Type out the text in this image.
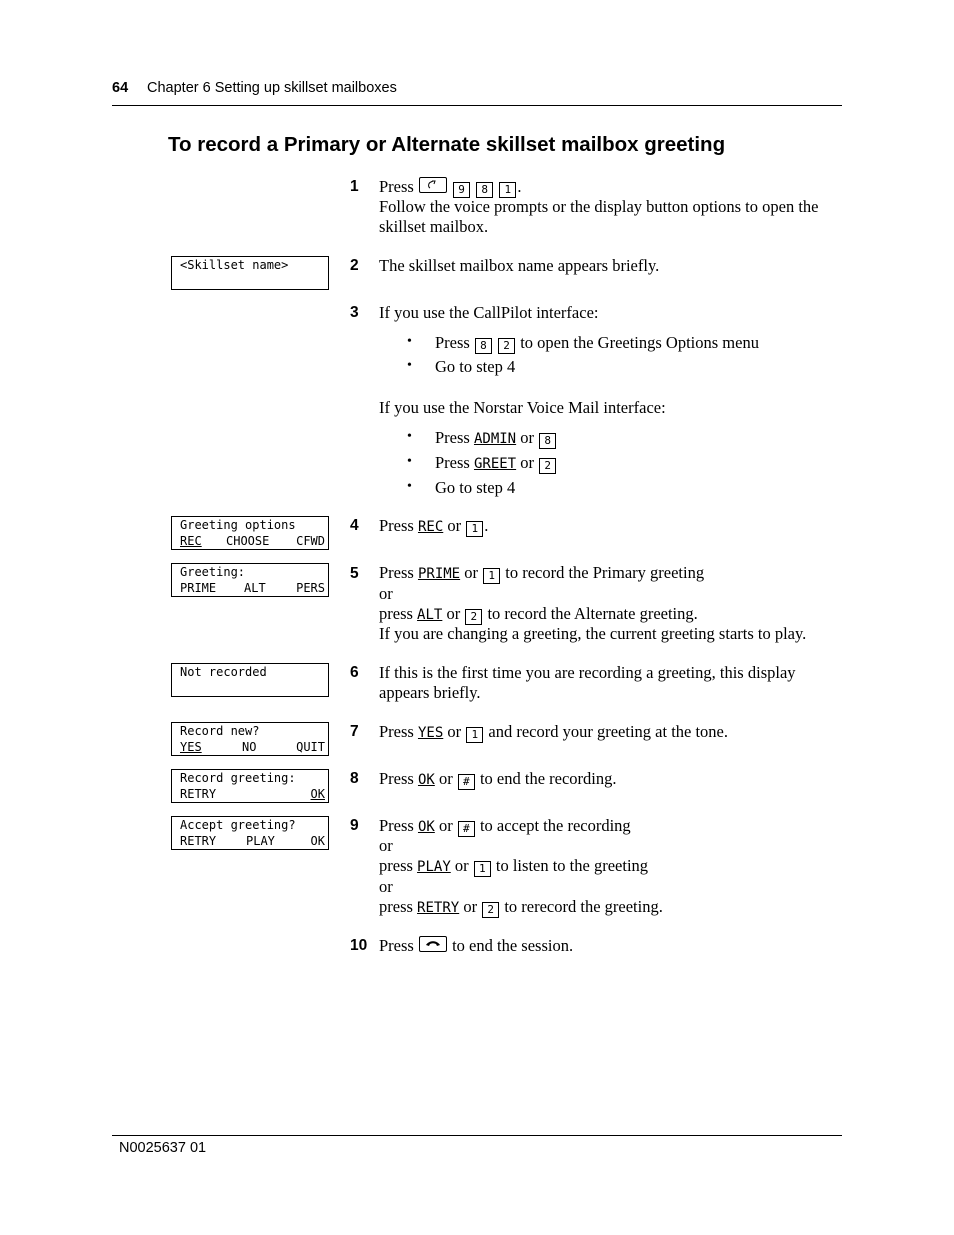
64 Chapter 6 Setting up skillset mailboxes
To record a Primary or Alternate skillset mailbox greeting
1 Press	9 8 1 .
Follow the voice prompts or the display button options to open the
skillset mailbox.
<Skillset name>	2 The skillset mailbox name appears briefly.
3 If you use the CallPilot interface:
• Press 8 2 to open the Greetings Options menu
• Go to step 4
If you use the Norstar Voice Mail interface:
• Press ADMIN or 8
• Press GREET or 2
• Go to step 4
Greeting options
REC CHOOSE CFWD
4 Press REC or 1 .
Greeting:
PRIME ALT	PERS
5 Press PRIME or 1 to record the Primary greeting
or
press ALT or 2 to record the Alternate greeting.
If you are changing a greeting, the current greeting starts to play.
Not recorded	6 If this is the first time you are recording a greeting, this display
appears briefly.
Record new?
YES	NO	QUIT
7 Press YES or 1 and record your greeting at the tone.
Record greeting:
RETRY	OK
8 Press OK or # to end the recording.
Accept greeting?
RETRY PLAY	OK
9 Press OK or # to accept the recording
or
press PLAY or 1 to listen to the greeting
or
press RETRY or 2 to rerecord the greeting.
10 Press to end the session.
N0025637 01
